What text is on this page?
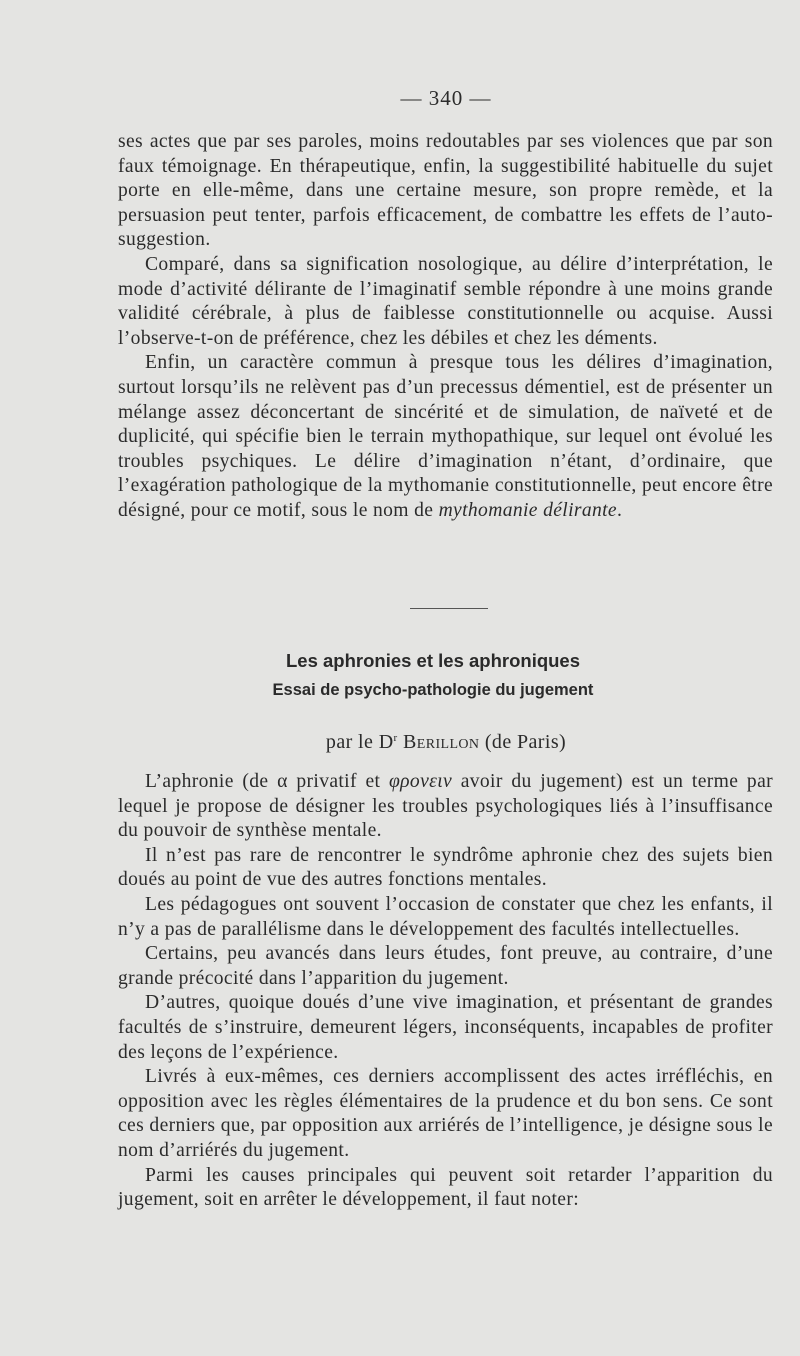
— 340 —

ses actes que par ses paroles, moins redoutables par ses violences que par son faux témoignage. En thérapeutique, enfin, la suggestibilité habituelle du sujet porte en elle-même, dans une certaine mesure, son propre remède, et la persuasion peut tenter, parfois efficacement, de combattre les effets de l’auto-suggestion.

Comparé, dans sa signification nosologique, au délire d’interprétation, le mode d’activité délirante de l’imaginatif semble répondre à une moins grande validité cérébrale, à plus de faiblesse constitutionnelle ou acquise. Aussi l’observe-t-on de préférence, chez les débiles et chez les déments.

Enfin, un caractère commun à presque tous les délires d’imagination, surtout lorsqu’ils ne relèvent pas d’un precessus démentiel, est de présenter un mélange assez déconcertant de sincérité et de simulation, de naïveté et de duplicité, qui spécifie bien le terrain mythopathique, sur lequel ont évolué les troubles psychiques. Le délire d’imagination n’étant, d’ordinaire, que l’exagération pathologique de la mythomanie constitutionnelle, peut encore être désigné, pour ce motif, sous le nom de mythomanie délirante.

Les aphronies et les aphroniques
Essai de psycho-pathologie du jugement
par le $D^r$ Berillon (de Paris)

L’aphronie (de α privatif et φρονειν avoir du jugement) est un terme par lequel je propose de désigner les troubles psychologiques liés à l’insuffisance du pouvoir de synthèse mentale.

Il n’est pas rare de rencontrer le syndrôme aphronie chez des sujets bien doués au point de vue des autres fonctions mentales.

Les pédagogues ont souvent l’occasion de constater que chez les enfants, il n’y a pas de parallélisme dans le développement des facultés intellectuelles.

Certains, peu avancés dans leurs études, font preuve, au contraire, d’une grande précocité dans l’apparition du jugement.

D’autres, quoique doués d’une vive imagination, et présentant de grandes facultés de s’instruire, demeurent légers, inconséquents, incapables de profiter des leçons de l’expérience.

Livrés à eux-mêmes, ces derniers accomplissent des actes irréfléchis, en opposition avec les règles élémentaires de la prudence et du bon sens. Ce sont ces derniers que, par opposition aux arriérés de l’intelligence, je désigne sous le nom d’arriérés du jugement.

Parmi les causes principales qui peuvent soit retarder l’apparition du jugement, soit en arrêter le développement, il faut noter:
